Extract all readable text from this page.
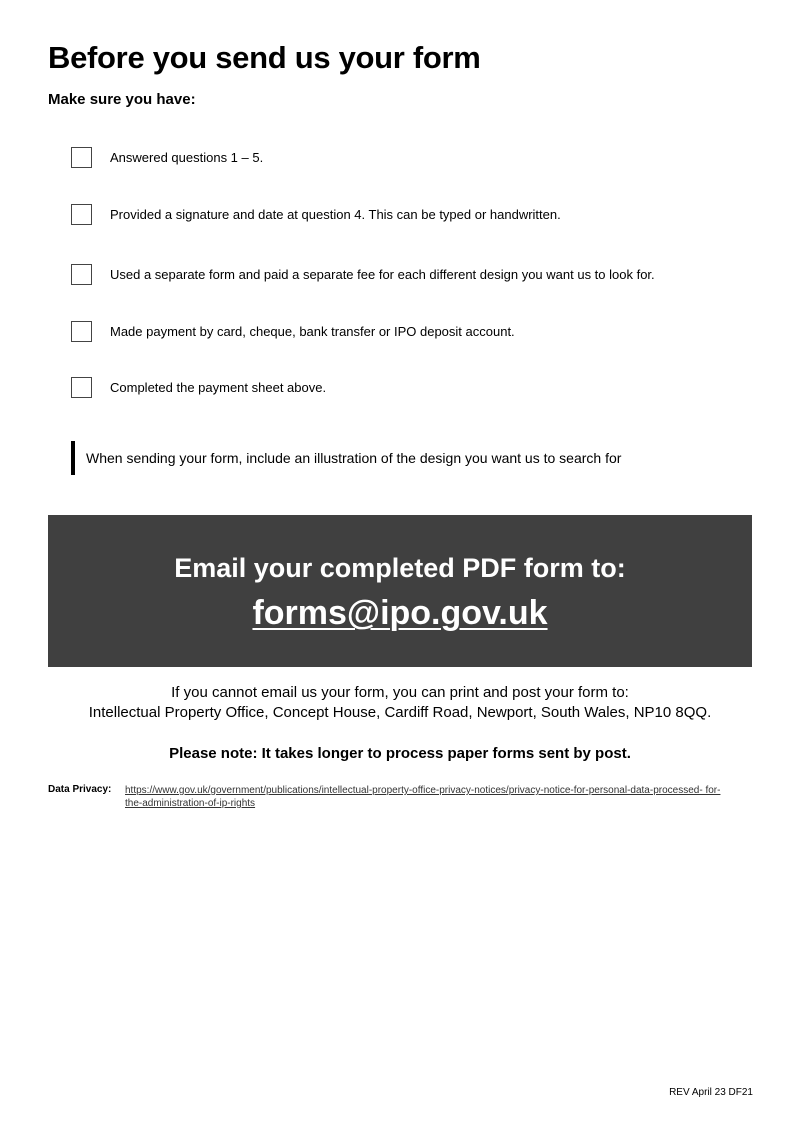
Before you send us your form

Make sure you have:

Answered questions 1 – 5.
Provided a signature and date at question 4. This can be typed or handwritten.
Used a separate form and paid a separate fee for each different design you want us to look for.
Made payment by card, cheque, bank transfer or IPO deposit account.
Completed the payment sheet above.
When sending your form, include an illustration of the design you want us to search for
Email your completed PDF form to:
forms@ipo.gov.uk
If you cannot email us your form, you can print and post your form to:
Intellectual Property Office, Concept House, Cardiff Road, Newport, South Wales, NP10 8QQ.
Please note: It takes longer to process paper forms sent by post.
Data Privacy: https://www.gov.uk/government/publications/intellectual-property-office-privacy-notices/privacy-notice-for-personal-data-processed- for-the-administration-of-ip-rights
REV April 23 DF21
